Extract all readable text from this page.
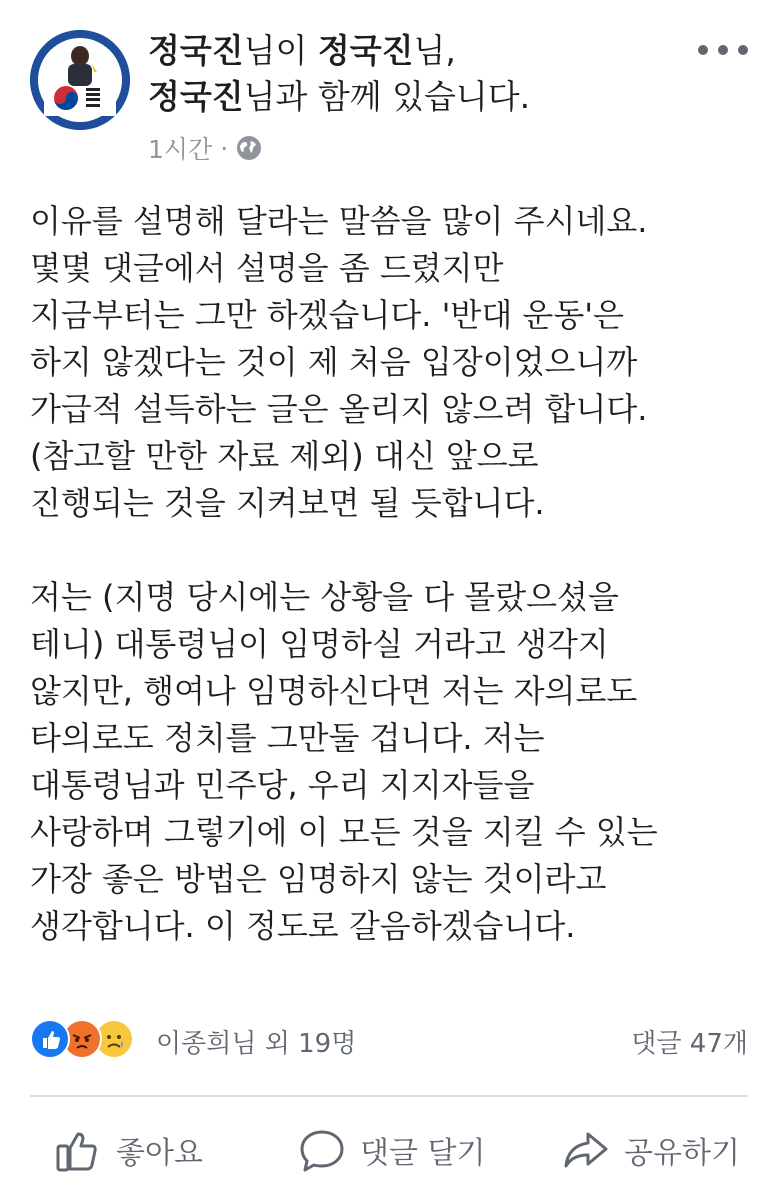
정국진님이 정국진님,
정국진님과 함께 있습니다.
1시간 ·
이유를 설명해 달라는 말씀을 많이 주시네요.
몇몇 댓글에서 설명을 좀 드렸지만
지금부터는 그만 하겠습니다. '반대 운동'은
하지 않겠다는 것이 제 처음 입장이었으니까
가급적 설득하는 글은 올리지 않으려 합니다.
(참고할 만한 자료 제외) 대신 앞으로
진행되는 것을 지켜보면 될 듯합니다.
저는 (지명 당시에는 상황을 다 몰랐으셨을
테니) 대통령님이 임명하실 거라고 생각지
않지만, 행여나 임명하신다면 저는 자의로도
타의로도 정치를 그만둘 겁니다. 저는
대통령님과 민주당, 우리 지지자들을
사랑하며 그렇기에 이 모든 것을 지킬 수 있는
가장 좋은 방법은 임명하지 않는 것이라고
생각합니다. 이 정도로 갈음하겠습니다.
이종희님 외 19명	댓글 47개
좋아요	댓글 달기	공유하기
